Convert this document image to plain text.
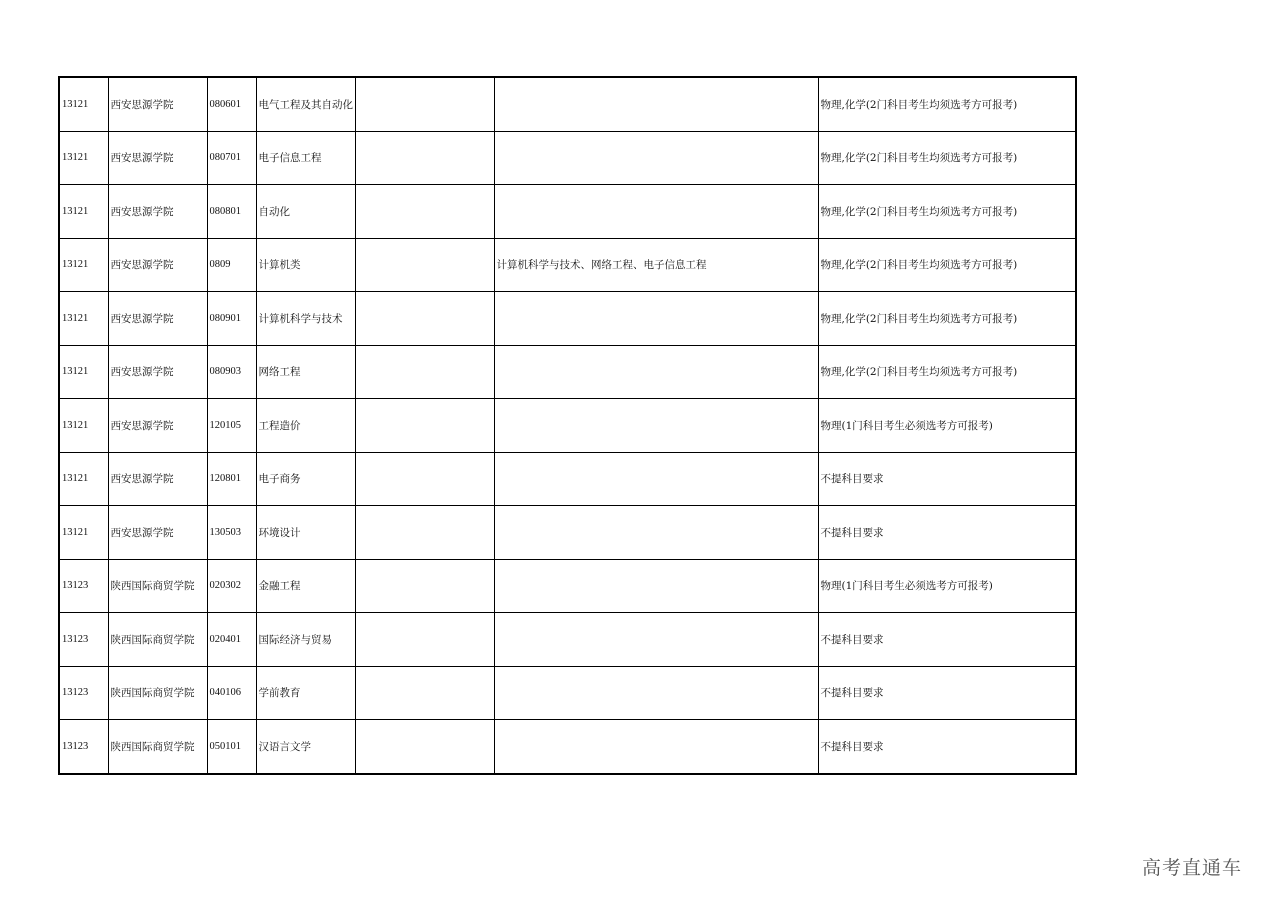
13121	西安思源学院	080601	电气工程及其自动化			物理,化学(2门科目考生均须选考方可报考)
13121	西安思源学院	080701	电子信息工程			物理,化学(2门科目考生均须选考方可报考)
13121	西安思源学院	080801	自动化			物理,化学(2门科目考生均须选考方可报考)
13121	西安思源学院	0809	计算机类		计算机科学与技术、网络工程、电子信息工程	物理,化学(2门科目考生均须选考方可报考)
13121	西安思源学院	080901	计算机科学与技术			物理,化学(2门科目考生均须选考方可报考)
13121	西安思源学院	080903	网络工程			物理,化学(2门科目考生均须选考方可报考)
13121	西安思源学院	120105	工程造价			物理(1门科目考生必须选考方可报考)
13121	西安思源学院	120801	电子商务			不提科目要求
13121	西安思源学院	130503	环境设计			不提科目要求
13123	陕西国际商贸学院	020302	金融工程			物理(1门科目考生必须选考方可报考)
13123	陕西国际商贸学院	020401	国际经济与贸易			不提科目要求
13123	陕西国际商贸学院	040106	学前教育			不提科目要求
13123	陕西国际商贸学院	050101	汉语言文学			不提科目要求
高考直通车
